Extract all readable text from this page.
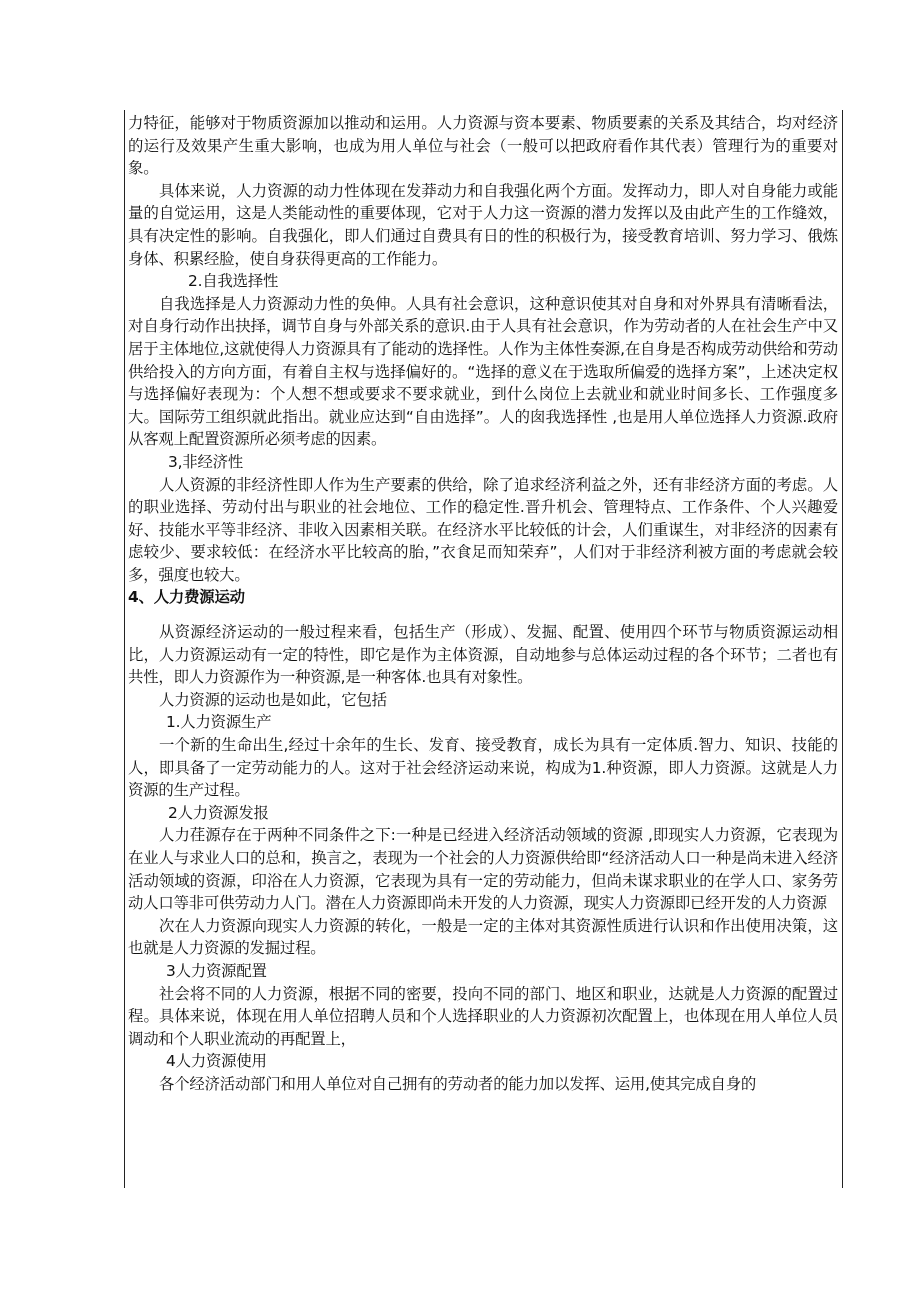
力特征，能够对于物质资源加以推动和运用。人力资源与资本要素、物质要素的关系及其结合，均对经济的运行及效果产生重大影响，也成为用人单位与社会（一般可以把政府看作其代表）管理行为的重要对象。

具体来说，人力资源的动力性体现在发莽动力和自我强化两个方面。发挥动力，即人对自身能力或能量的自觉运用，这是人类能动性的重要体现，它对于人力这一资源的潜力发挥以及由此产生的工作缝效，具有决定性的影响。自我强化，即人们通过自费具有日的性的积极行为，接受教育培训、努力学习、俄炼身体、积累经脸，使自身获得更高的工作能力。

2.自我选择性

自我选择是人力资源动力性的奂伸。人具有社会意识，这种意识使其对自身和对外界具有清晰看法，对自身行动作出抉择，调节自身与外部关系的意识.由于人具有社会意识，作为劳动者的人在社会生产中又居于主体地位,这就使得人力资源具有了能动的选择性。人作为主体性奏源,在自身是否构成劳动供给和劳动供给投入的方向方面，有着自主权与选择偏好的。“选择的意义在于选取所偏爱的选择方案”，上述决定权与选择偏好表现为：个人想不想或要求不要求就业，到什么岗位上去就业和就业时间多长、工作强度多大。国际劳工组织就此指出。就业应达到“自由选择”。人的囱我选择性 ,也是用人单位选择人力资源.政府从客观上配置资源所必须考虑的因素。

3,非经济性

人人资源的非经济性即人作为生产要素的供给，除了追求经济利益之外，还有非经济方面的考虑。人的职业选择、劳动付出与职业的社会地位、工作的稳定性.晋升机会、管理特点、工作条件、个人兴趣爱好、技能水平等非经济、非收入因素相关联。在经济水平比较低的计会，人们重谋生，对非经济的因素有虑较少、要求较低：在经济水平比较高的胎，”衣食足而知荣弃”，人们对于非经济利被方面的考虑就会较多，强度也较大。

4、人力费源运动

从资源经济运动的一般过程来看，包括生产（形成）、发掘、配置、使用四个环节与物质资源运动相比，人力资源运动有一定的特性，即它是作为主体资源，自动地参与总体运动过程的各个环节；二者也有共性，即人力资源作为一种资源,是一种客体.也具有对象性。

人力资源的运动也是如此，它包括

1.人力资源生产

一个新的生命出生,经过十余年的生长、发育、接受教育，成长为具有一定体质.智力、知识、技能的人，即具备了一定劳动能力的人。这对于社会经济运动来说，构成为1.种资源，即人力资源。这就是人力资源的生产过程。

2人力资源发报

人力荏源存在于两种不同条件之下:一种是已经进入经济活动领域的资源 ,即现实人力资源，它表现为在业人与求业人口的总和，换言之，表现为一个社会的人力资源供给即“经济活动人口一种是尚未进入经济活动领域的资源，印浴在人力资源，它表现为具有一定的劳动能力，但尚未谋求职业的在学人口、家务劳动人口等非可供劳动力人门。潜在人力资源即尚未开发的人力资源，现实人力资源即已经开发的人力资源

次在人力资源向现实人力资源的转化，一般是一定的主体对其资源性质进行认识和作出使用决策，这也就是人力资源的发掘过程。

3人力资源配置

社会将不同的人力资源，根据不同的密要，投向不同的部门、地区和职业，达就是人力资源的配置过程。具体来说，体现在用人单位招聘人员和个人选择职业的人力资源初次配置上，也体现在用人单位人员调动和个人职业流动的再配置上，

4人力资源使用

各个经济活动部门和用人单位对自己拥有的劳动者的能力加以发挥、运用,使其完成自身的
